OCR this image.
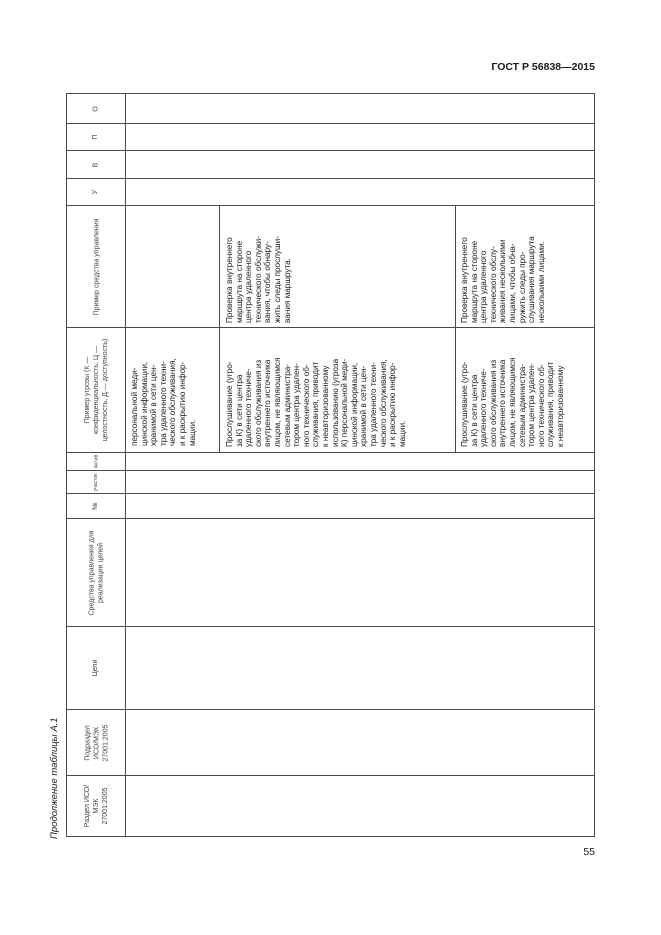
ГОСТ Р 56838—2015
Продолжение таблицы А.1
О
П
В
У
Пример средства управления
Пример угрозы (К — конфиденциальность; Ц — целостность, Д — доступность)
Актив
участок
№
Средства управления для реализации целей
Цели
Подраздел ИСО/МЭК 27001:2005
Раздел ИСО/МЭК 27001:2005
персональной меди-
цинской информации,
хранимой в сети цен-
тра удаленного техни-
ческого обслуживания,
и к раскрытию инфор-
мации.	Прослушивание (угро-
за К) в сети центра
удаленного техниче-
ского обслуживания из
внутреннего источника
лицом, не являющимся
сетевым администра-
тором центра удален-
ного технического об-
служивания, приводит
к неавторизованному
использованию (угроза
К) персональной меди-
цинской информации,
хранимой в сети цен-
тра удаленного техни-
ческого обслуживания,
и к раскрытию инфор-
мации.
Проверка внутреннего
маршрута на стороне
центра удаленного
технического обслужи-
вания, чтобы обнару-
жить следы прослуши-
вания маршрута.
Прослушивание (угро-
за К) в сети центра
удаленного техниче-
ского обслуживания из
внутреннего источника
лицом, не являющимся
сетевым администра-
тором центра удален-
ного технического об-
служивания, приводит
к неавторизованному
Проверка внутреннего
маршрута на стороне
центра удаленного
технического обслу-
живания несколькими
лицами, чтобы обна-
ружить следы про-
слушивания маршрута
несколькими лицами.
55
